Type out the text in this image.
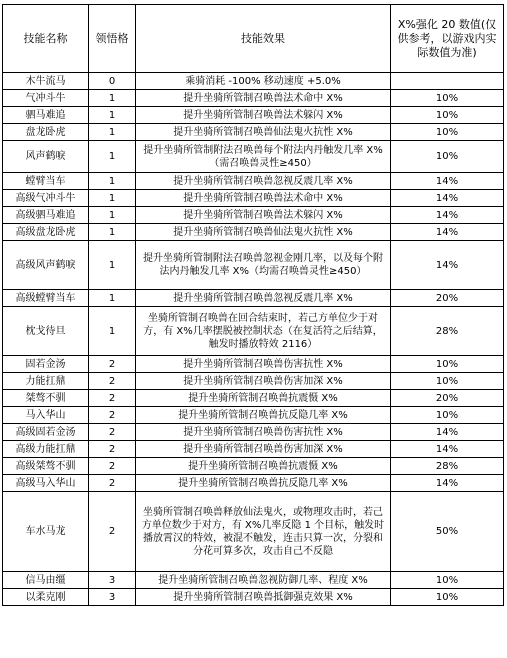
技能名称	领悟格	技能效果	X%强化 20 数值(仅供参考，以游戏内实际数值为准)
木牛流马	0	乘骑消耗 -100% 移动速度 +5.0%	
气冲斗牛	1	提升坐骑所管制召唤兽法术命中 X%	10%
驷马难追	1	提升坐骑所管制召唤兽法术躲闪 X%	10%
盘龙卧虎	1	提升坐骑所管制召唤兽仙法鬼火抗性 X%	10%
风声鹤唳	1	提升坐骑所管制附法召唤兽每个附法内丹触发几率 X%（需召唤兽灵性≥450）	10%
螳臂当车	1	提升坐骑所管制召唤兽忽视反震几率 X%	14%
高级气冲斗牛	1	提升坐骑所管制召唤兽法术命中 X%	14%
高级驷马难追	1	提升坐骑所管制召唤兽法术躲闪 X%	14%
高级盘龙卧虎	1	提升坐骑所管制召唤兽仙法鬼火抗性 X%	14%
高级风声鹤唳	1	提升坐骑所管制附法召唤兽忽视金刚几率，以及每个附法内丹触发几率 X%（均需召唤兽灵性≥450）	14%
高级螳臂当车	1	提升坐骑所管制召唤兽忽视反震几率 X%	20%
枕戈待旦	1	坐骑所管制召唤兽在回合结束时，若己方单位少于对方，有 X%几率摆脱被控制状态（在复活符之后结算，触发时播放特效 2116）	28%
固若金汤	2	提升坐骑所管制召唤兽伤害抗性 X%	10%
力能扛鼎	2	提升坐骑所管制召唤兽伤害加深 X%	10%
桀骜不驯	2	提升坐骑所管制召唤兽抗震慑 X%	20%
马入华山	2	提升坐骑所管制召唤兽抗反隐几率 X%	10%
高级固若金汤	2	提升坐骑所管制召唤兽伤害抗性 X%	14%
高级力能扛鼎	2	提升坐骑所管制召唤兽伤害加深 X%	14%
高级桀骜不驯	2	提升坐骑所管制召唤兽抗震慑 X%	28%
高级马入华山	2	提升坐骑所管制召唤兽抗反隐几率 X%	14%
车水马龙	2	坐骑所管制召唤兽释放仙法鬼火，或物理攻击时，若己方单位数少于对方，有 X%几率反隐 1 个目标，触发时播放霄汉的特效，被混不触发，连击只算一次，分裂和分花可算多次，攻击自己不反隐	50%
信马由缰	3	提升坐骑所管制召唤兽忽视防御几率、程度 X%	10%
以柔克刚	3	提升坐骑所管制召唤兽抵御强克效果 X%	10%
